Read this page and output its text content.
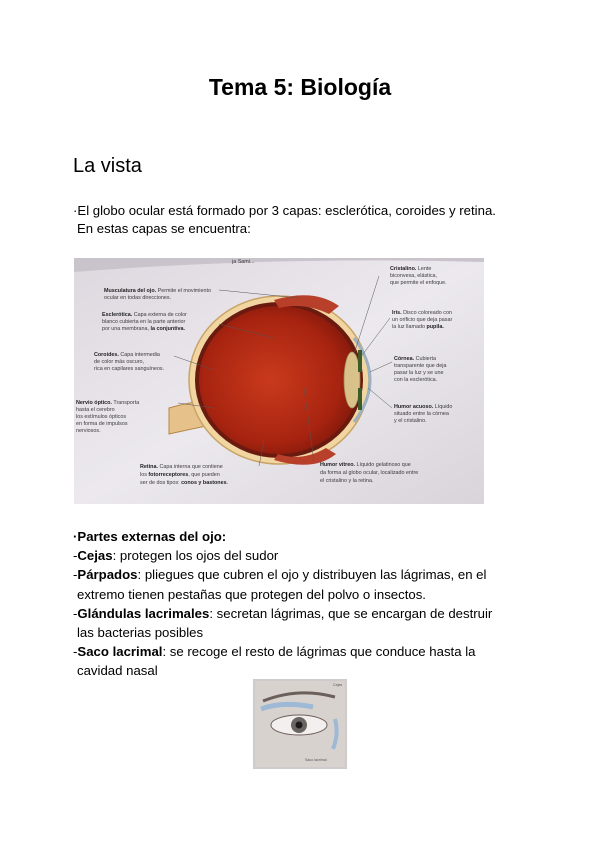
Tema 5: Biología
La vista
·El globo ocular está formado por 3 capas: esclerótica, coroides y retina.
En estas capas se encuentra:
ja Sami...
Musculatura del ojo. Permite el movimiento ocular en todas direcciones.
Esclerótica. Capa externa de color blanco cubierta en la parte anterior por una membrana, la conjuntiva.
Coroides. Capa intermedia de color más oscuro, rica en capilares sanguíneos.
Nervio óptico. Transporta hasta el cerebro los estímulos ópticos en forma de impulsos nerviosos.
Retina. Capa interna que contiene los fotorreceptores, que pueden ser de dos tipos: conos y bastones.
Cristalino. Lente biconvexa, elástica, que permite el enfoque.
Iris. Disco coloreado con un orificio que deja pasar la luz llamado pupila.
Córnea. Cubierta transparente que deja pasar la luz y se une con la esclerótica.
Humor acuoso. Líquido situado entre la córnea y el cristalino.
Humor vítreo. Líquido gelatinoso que da forma al globo ocular, localizado entre el cristalino y la retina.
·Partes externas del ojo:
-Cejas: protegen los ojos del sudor
-Párpados: pliegues que cubren el ojo y distribuyen las lágrimas, en el
extremo tienen pestañas que protegen del polvo o insectos.
-Glándulas lacrimales: secretan lágrimas, que se encargan de destruir
las bacterias posibles
-Saco lacrimal: se recoge el resto de lágrimas que conduce hasta la
cavidad nasal
Cejas
Saco lacrimal
